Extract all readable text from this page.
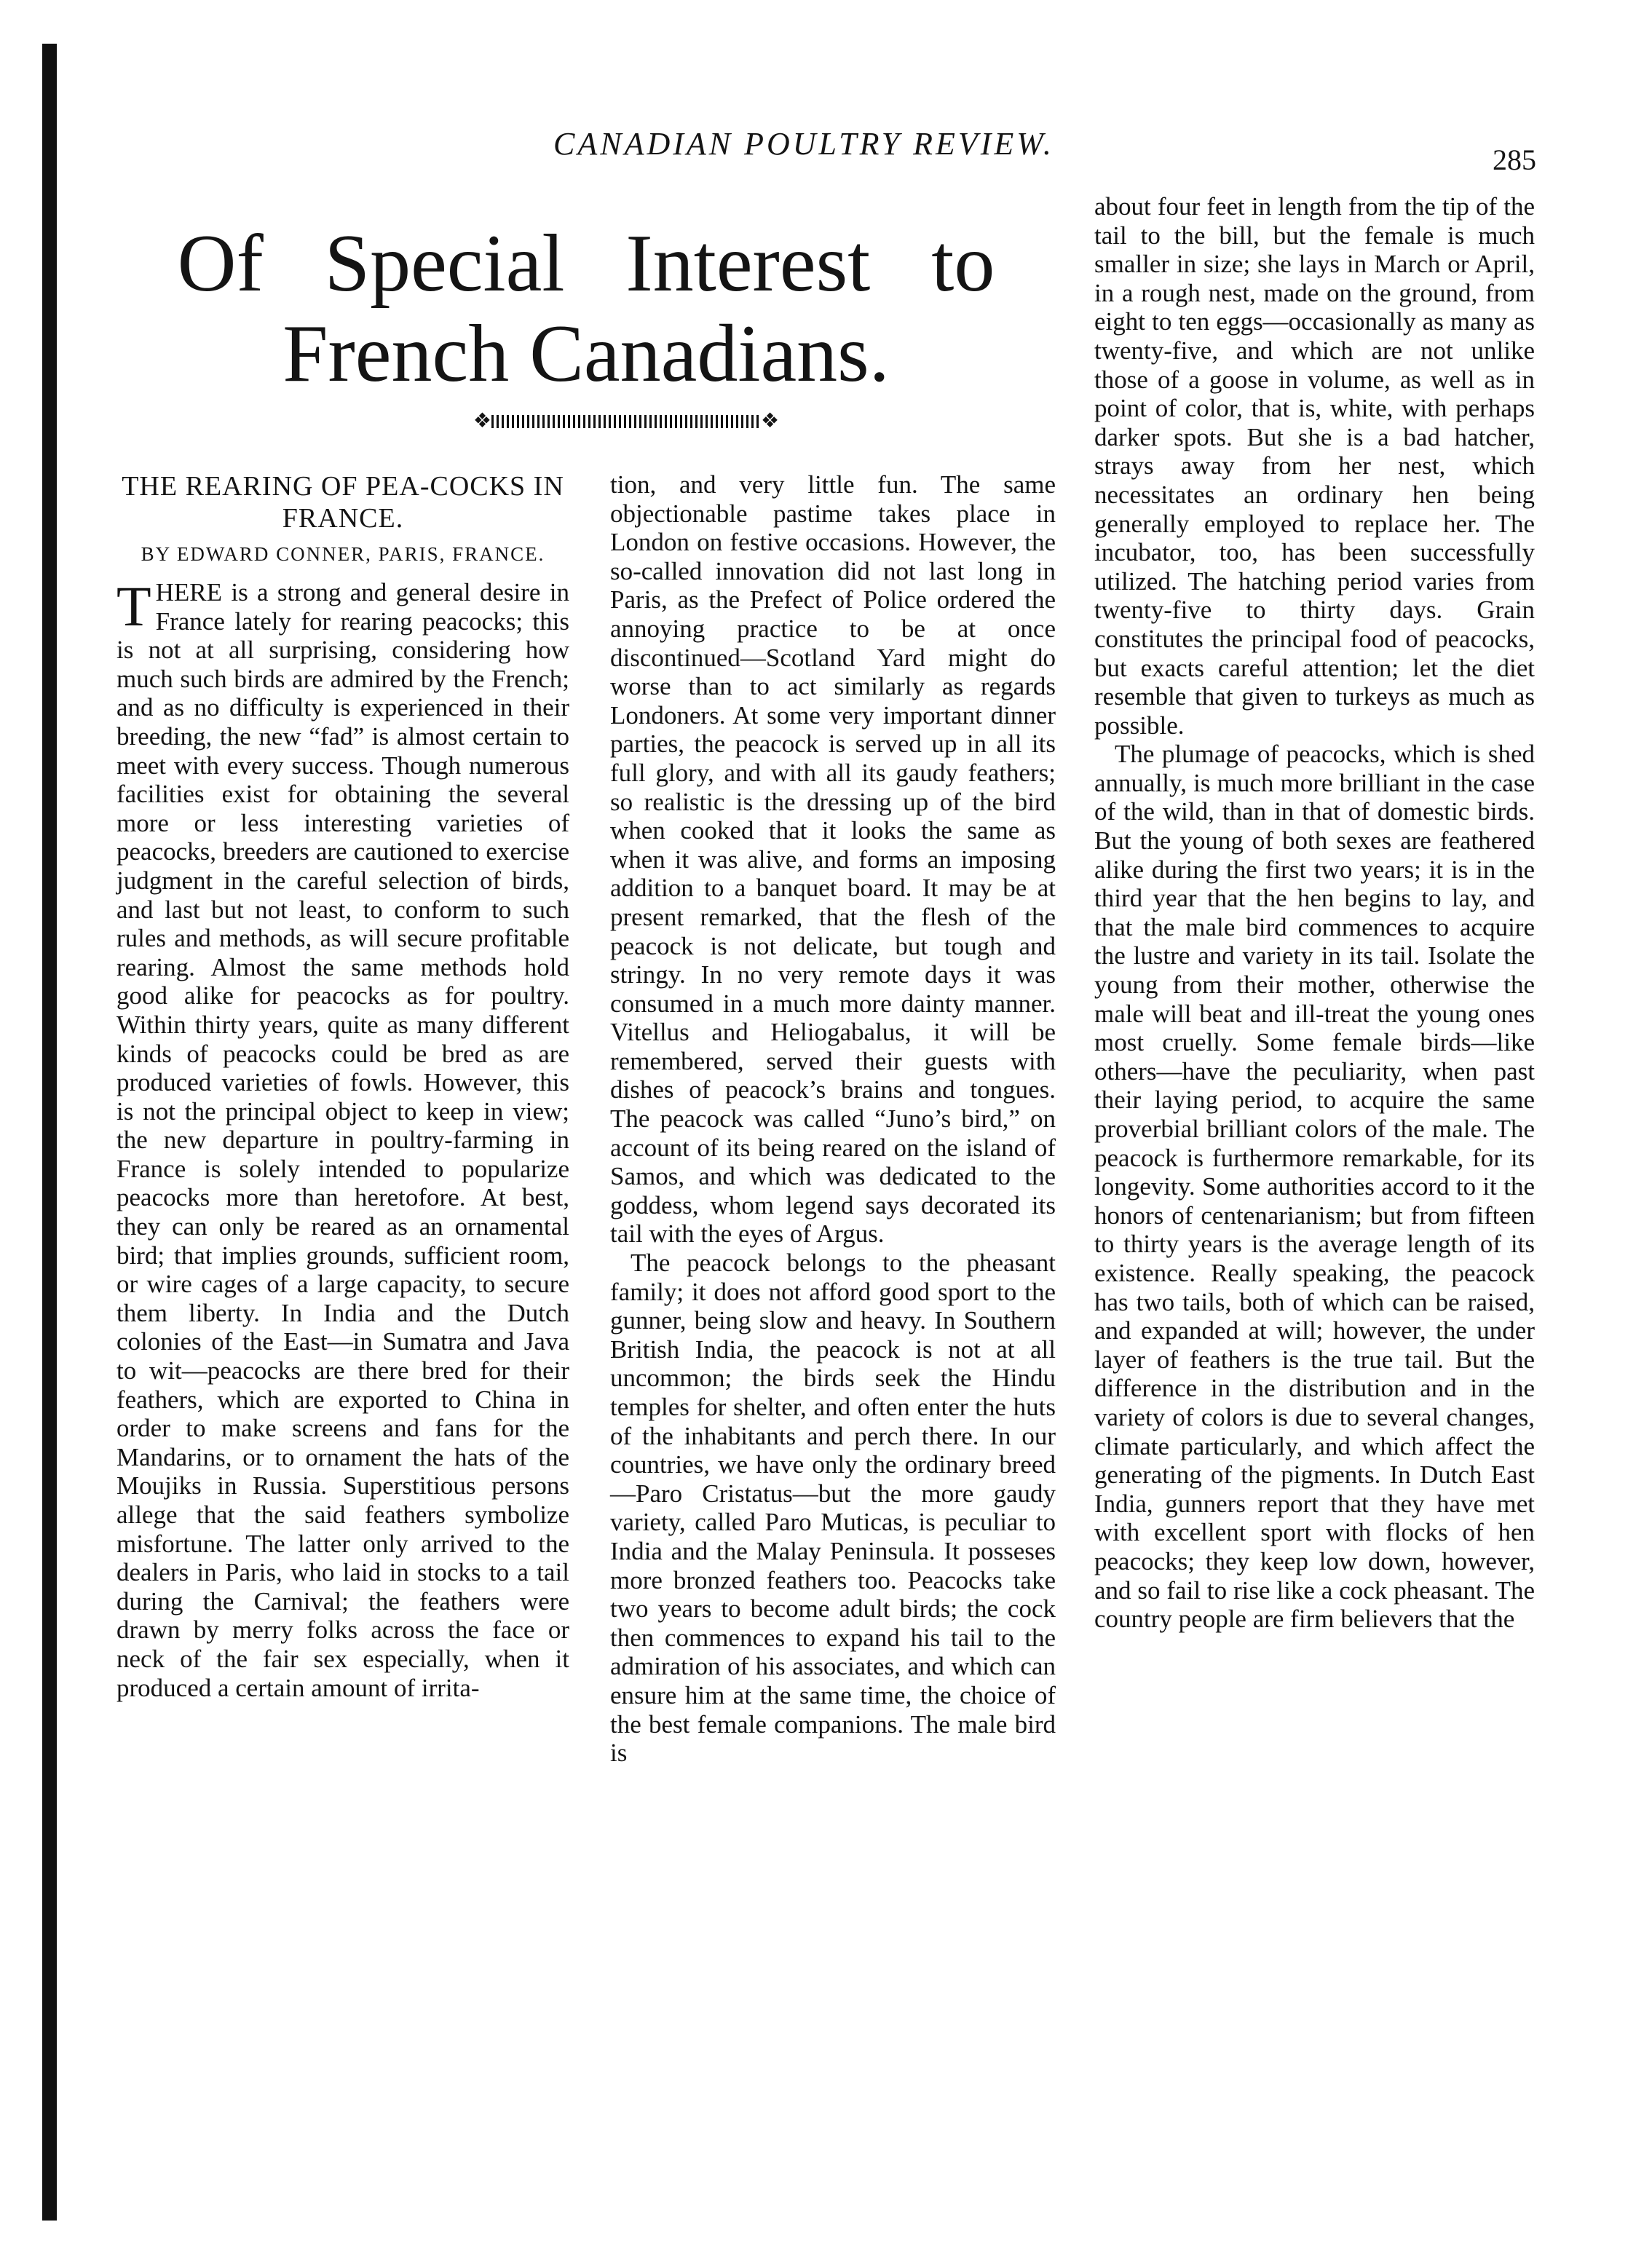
CANADIAN POULTRY REVIEW.	285
Of Special Interest to
French Canadians.
❖	❖
THE REARING OF PEA-COCKS IN FRANCE.
BY EDWARD CONNER, PARIS, FRANCE.

THERE is a strong and general desire in France lately for rearing peacocks; this is not at all surprising, considering how much such birds are admired by the French; and as no difficulty is experienced in their breeding, the new “fad” is almost certain to meet with every success. Though numerous facilities exist for obtaining the several more or less interesting varieties of peacocks, breeders are cautioned to exercise judgment in the careful selection of birds, and last but not least, to conform to such rules and methods, as will secure profitable rearing. Almost the same methods hold good alike for peacocks as for poultry. Within thirty years, quite as many different kinds of peacocks could be bred as are produced varieties of fowls. However, this is not the principal object to keep in view; the new departure in poultry-farming in France is solely intended to popularize peacocks more than heretofore. At best, they can only be reared as an ornamental bird; that implies grounds, sufficient room, or wire cages of a large capacity, to secure them liberty. In India and the Dutch colonies of the East—in Sumatra and Java to wit—peacocks are there bred for their feathers, which are exported to China in order to make screens and fans for the Mandarins, or to ornament the hats of the Moujiks in Russia. Superstitious persons allege that the said feathers symbolize misfortune. The latter only arrived to the dealers in Paris, who laid in stocks to a tail during the Carnival; the feathers were drawn by merry folks across the face or neck of the fair sex especially, when it produced a certain amount of irrita-

tion, and very little fun. The same objectionable pastime takes place in London on festive occasions. However, the so-called innovation did not last long in Paris, as the Prefect of Police ordered the annoying practice to be at once discontinued—Scotland Yard might do worse than to act similarly as regards Londoners. At some very important dinner parties, the peacock is served up in all its full glory, and with all its gaudy feathers; so realistic is the dressing up of the bird when cooked that it looks the same as when it was alive, and forms an imposing addition to a banquet board. It may be at present remarked, that the flesh of the peacock is not delicate, but tough and stringy. In no very remote days it was consumed in a much more dainty manner. Vitellus and Heliogabalus, it will be remembered, served their guests with dishes of peacock’s brains and tongues. The peacock was called “Juno’s bird,” on account of its being reared on the island of Samos, and which was dedicated to the goddess, whom legend says decorated its tail with the eyes of Argus.

The peacock belongs to the pheasant family; it does not afford good sport to the gunner, being slow and heavy. In Southern British India, the peacock is not at all uncommon; the birds seek the Hindu temples for shelter, and often enter the huts of the inhabitants and perch there. In our countries, we have only the ordinary breed—Paro Cristatus—but the more gaudy variety, called Paro Muticas, is peculiar to India and the Malay Peninsula. It posseses more bronzed feathers too. Peacocks take two years to become adult birds; the cock then commences to expand his tail to the admiration of his associates, and which can ensure him at the same time, the choice of the best female companions. The male bird is

about four feet in length from the tip of the tail to the bill, but the female is much smaller in size; she lays in March or April, in a rough nest, made on the ground, from eight to ten eggs—occasionally as many as twenty-five, and which are not unlike those of a goose in volume, as well as in point of color, that is, white, with perhaps darker spots. But she is a bad hatcher, strays away from her nest, which necessitates an ordinary hen being generally employed to replace her. The incubator, too, has been successfully utilized. The hatching period varies from twenty-five to thirty days. Grain constitutes the principal food of peacocks, but exacts careful attention; let the diet resemble that given to turkeys as much as possible.

The plumage of peacocks, which is shed annually, is much more brilliant in the case of the wild, than in that of domestic birds. But the young of both sexes are feathered alike during the first two years; it is in the third year that the hen begins to lay, and that the male bird commences to acquire the lustre and variety in its tail. Isolate the young from their mother, otherwise the male will beat and ill-treat the young ones most cruelly. Some female birds—like others—have the peculiarity, when past their laying period, to acquire the same proverbial brilliant colors of the male. The peacock is furthermore remarkable, for its longevity. Some authorities accord to it the honors of centenarianism; but from fifteen to thirty years is the average length of its existence. Really speaking, the peacock has two tails, both of which can be raised, and expanded at will; however, the under layer of feathers is the true tail. But the difference in the distribution and in the variety of colors is due to several changes, climate particularly, and which affect the generating of the pigments. In Dutch East India, gunners report that they have met with excellent sport with flocks of hen peacocks; they keep low down, however, and so fail to rise like a cock pheasant. The country people are firm believers that the
